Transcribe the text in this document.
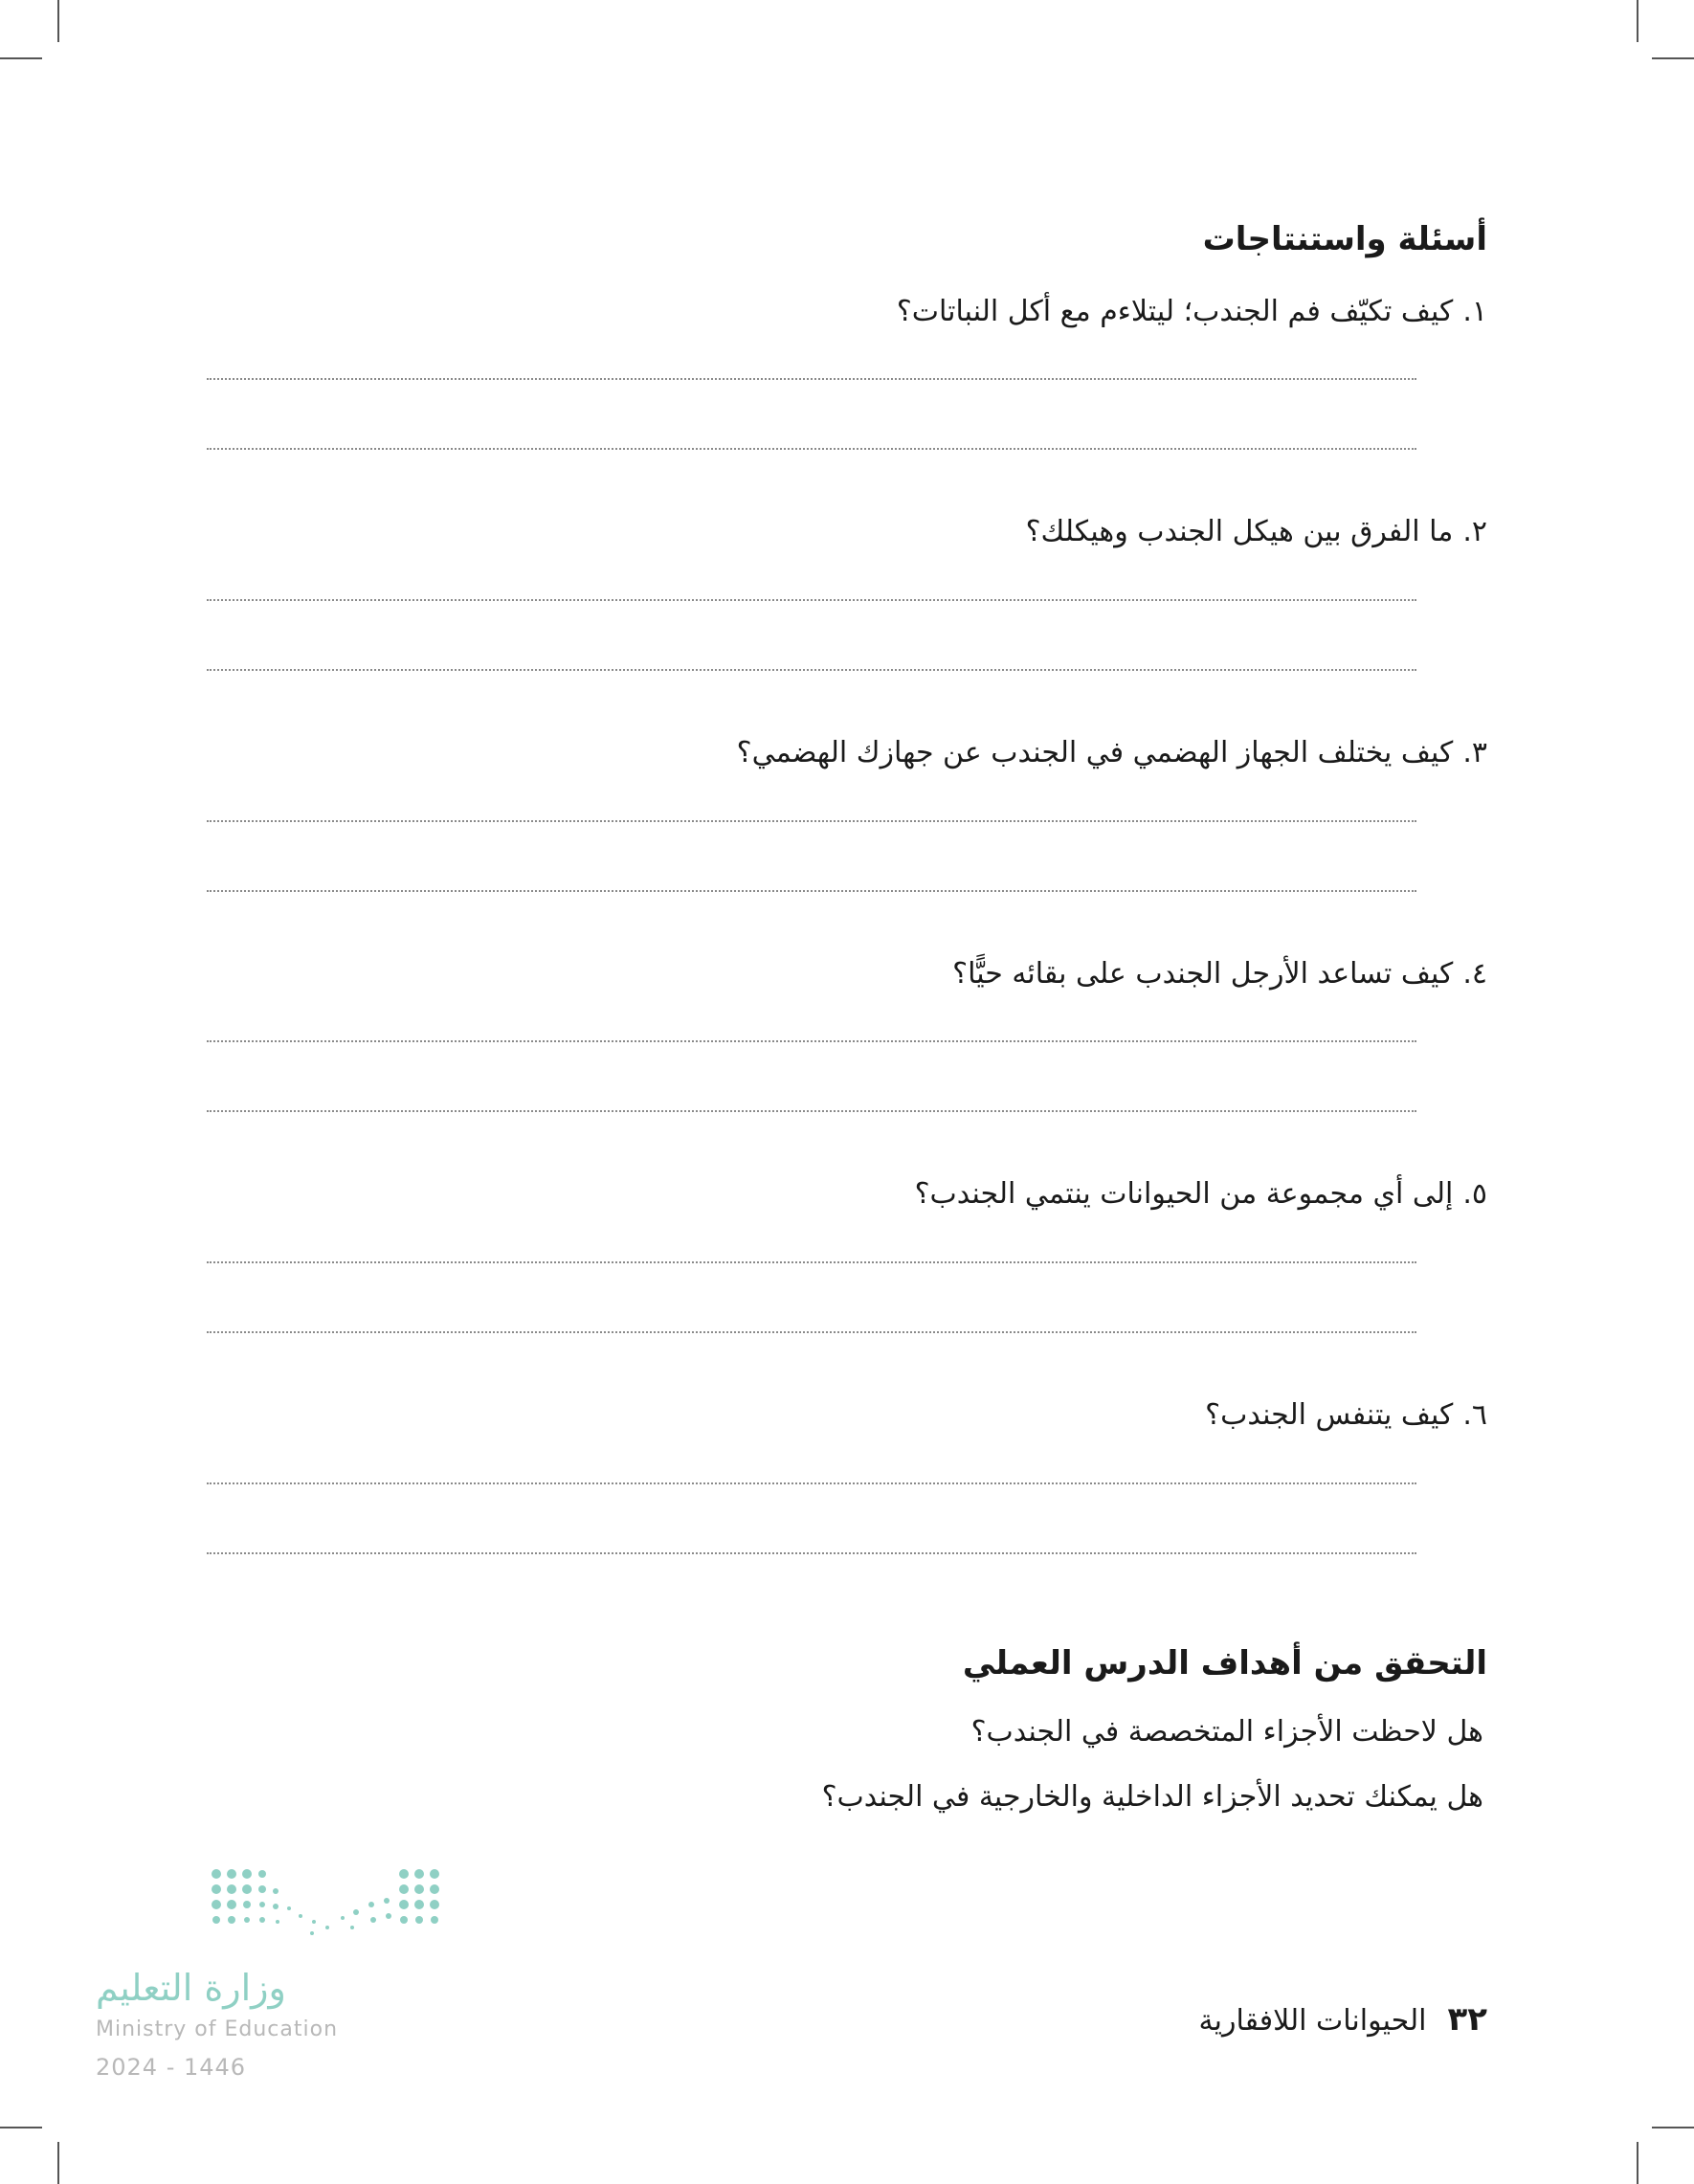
أسئلة واستنتاجات
١.كيف تكيّف فم الجندب؛ ليتلاءم مع أكل النباتات؟
٢.ما الفرق بين هيكل الجندب وهيكلك؟
٣.كيف يختلف الجهاز الهضمي في الجندب عن جهازك الهضمي؟
٤.كيف تساعد الأرجل الجندب على بقائه حيًّا؟
٥.إلى أي مجموعة من الحيوانات ينتمي الجندب؟
٦.كيف يتنفس الجندب؟
التحقق من أهداف الدرس العملي
هل لاحظت الأجزاء المتخصصة في الجندب؟
هل يمكنك تحديد الأجزاء الداخلية والخارجية في الجندب؟
وزارة التعليم
Ministry of Education
2024 - 1446
٣٢الحيوانات اللافقارية
